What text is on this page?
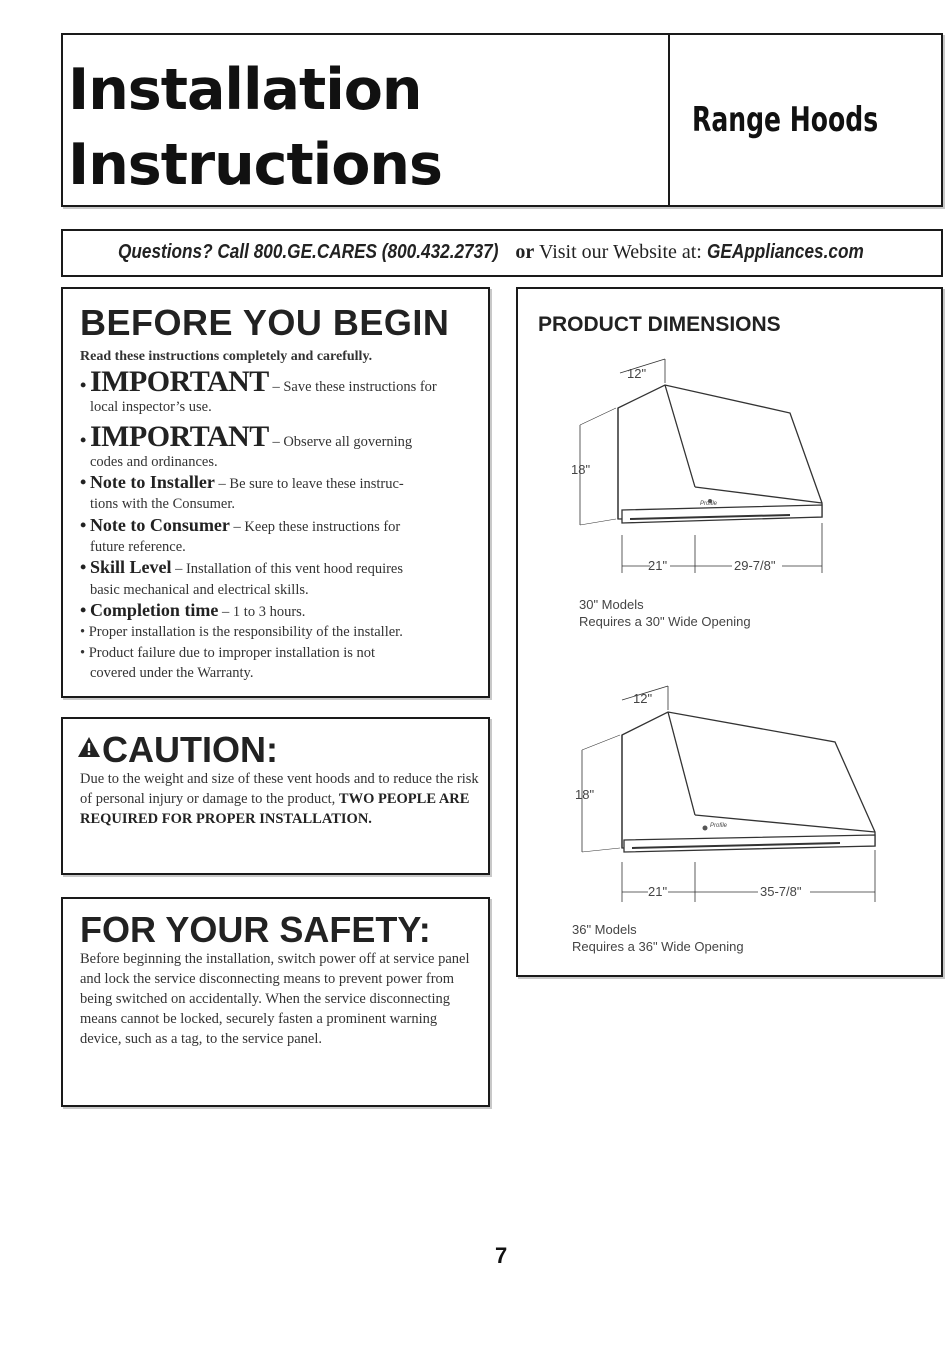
Installation
Instructions
Range Hoods
Questions? Call 800.GE.CARES (800.432.2737) or Visit our Website at: GEAppliances.com
BEFORE YOU BEGIN
Read these instructions completely and carefully.
• IMPORTANT – Save these instructions for
local inspector’s use.
• IMPORTANT – Observe all governing
codes and ordinances.
• Note to Installer – Be sure to leave these instruc-
tions with the Consumer.
• Note to Consumer – Keep these instructions for
future reference.
• Skill Level – Installation of this vent hood requires
basic mechanical and electrical skills.
• Completion time – 1 to 3 hours.
• Proper installation is the responsibility of the installer.
• Product failure due to improper installation is not
covered under the Warranty.
CAUTION:
Due to the weight and size of these vent hoods and to reduce the risk of personal injury or damage to the product, TWO PEOPLE ARE REQUIRED FOR PROPER INSTALLATION.
FOR YOUR SAFETY:
Before beginning the installation, switch power off at service panel and lock the service disconnecting means to prevent power from being switched on accidentally. When the service disconnecting means cannot be locked, securely fasten a prominent warning device, such as a tag, to the service panel.
PRODUCT DIMENSIONS
12"
18"
21"	29-7/8"
Profile
30" Models
Requires a 30" Wide Opening
12"
18"
21"	35-7/8"
Profile
36" Models
Requires a 36" Wide Opening
7
